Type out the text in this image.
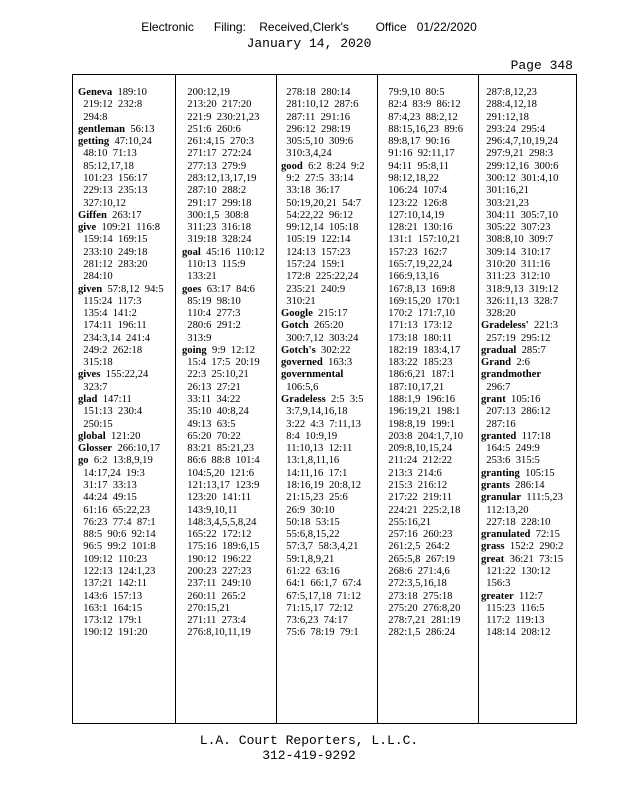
Electronic      Filing:    Received,Clerk's        Office   01/22/2020
January 14, 2020
Page 348
Geneva 189:10
219:12  232:8
294:8
gentleman 56:13
getting 47:10,24
48:10  71:13
85:12,17,18
101:23  156:17
229:13  235:13
327:10,12
Giffen 263:17
give 109:21  116:8
159:14  169:15
233:10  249:18
281:12  283:20
284:10
given 57:8,12  94:5
115:24  117:3
135:4  141:2
174:11  196:11
234:3,14  241:4
249:2  262:18
315:18
gives 155:22,24
323:7
glad 147:11
151:13  230:4
250:15
global 121:20
Glosser 266:10,17
go 6:2  13:8,9,19
14:17,24  19:3
31:17  33:13
44:24  49:15
61:16  65:22,23
76:23  77:4  87:1
88:5  90:6  92:14
96:5  99:2  101:8
109:12  110:23
122:13  124:1,23
137:21  142:11
143:6  157:13
163:1  164:15
173:12  179:1
190:12  191:20
200:12,19
213:20  217:20
221:9  230:21,23
251:6  260:6
261:4,15  270:3
271:17  272:24
277:13  279:9
283:12,13,17,19
287:10  288:2
291:17  299:18
300:1,5  308:8
311:23  316:18
319:18  328:24
goal 45:16  110:12
110:13  115:9
133:21
goes 63:17  84:6
85:19  98:10
110:4  277:3
280:6  291:2
313:9
going 9:9  12:12
15:4  17:5  20:19
22:3  25:10,21
26:13  27:21
33:11  34:22
35:10  40:8,24
49:13  63:5
65:20  70:22
83:21  85:21,23
86:6  88:8  101:4
104:5,20  121:6
121:13,17  123:9
123:20  141:11
143:9,10,11
148:3,4,5,5,8,24
165:22  172:12
175:16  189:6,15
190:12  196:22
200:23  227:23
237:11  249:10
260:11  265:2
270:15,21
271:11  273:4
276:8,10,11,19
278:18  280:14
281:10,12  287:6
287:11  291:16
296:12  298:19
305:5,10  309:6
310:3,4,24
good 6:2  8:24  9:2
9:2  27:5  33:14
33:18  36:17
50:19,20,21  54:7
54:22,22  96:12
99:12,14  105:18
105:19  122:14
124:13  157:23
157:24  159:1
172:8  225:22,24
235:21  240:9
310:21
Google 215:17
Gotch 265:20
300:7,12  303:24
Gotch's 302:22
governed 163:3
governmental
106:5,6
Gradeless 2:5  3:5
3:7,9,14,16,18
3:22  4:3  7:11,13
8:4  10:9,19
11:10,13  12:11
13:1,8,11,16
14:11,16  17:1
18:16,19  20:8,12
21:15,23  25:6
26:9  30:10
50:18  53:15
55:6,8,15,22
57:3,7  58:3,4,21
59:1,8,9,21
61:22  63:16
64:1  66:1,7  67:4
67:5,17,18  71:12
71:15,17  72:12
73:6,23  74:17
75:6  78:19  79:1
79:9,10  80:5
82:4  83:9  86:12
87:4,23  88:2,12
88:15,16,23  89:6
89:8,17  90:16
91:16  92:11,17
94:11  95:8,11
98:12,18,22
106:24  107:4
123:22  126:8
127:10,14,19
128:21  130:16
131:1  157:10,21
157:23  162:7
165:7,19,22,24
166:9,13,16
167:8,13  169:8
169:15,20  170:1
170:2  171:7,10
171:13  173:12
173:18  180:11
182:19  183:4,17
183:22  185:23
186:6,21  187:1
187:10,17,21
188:1,9  196:16
196:19,21  198:1
198:8,19  199:1
203:8  204:1,7,10
209:8,10,15,24
211:24  212:22
213:3  214:6
215:3  216:12
217:22  219:11
224:21  225:2,18
255:16,21
257:16  260:23
261:2,5  264:2
265:5,8  267:19
268:6  271:4,6
272:3,5,16,18
273:18  275:18
275:20  276:8,20
278:7,21  281:19
282:1,5  286:24
287:8,12,23
288:4,12,18
291:12,18
293:24  295:4
296:4,7,10,19,24
297:9,21  298:3
299:12,16  300:6
300:12  301:4,10
301:16,21
303:21,23
304:11  305:7,10
305:22  307:23
308:8,10  309:7
309:14  310:17
310:20  311:16
311:23  312:10
318:9,13  319:12
326:11,13  328:7
328:20
Gradeless' 221:3
257:19  295:12
gradual 285:7
Grand 2:6
grandmother
296:7
grant 105:16
207:13  286:12
287:16
granted 117:18
164:5  249:9
253:6  315:5
granting 105:15
grants 286:14
granular 111:5,23
112:13,20
227:18  228:10
granulated 72:15
grass 152:2  290:2
great 36:21  73:15
121:22  130:12
156:3
greater 112:7
115:23  116:5
117:2  119:13
148:14  208:12
L.A. Court Reporters, L.L.C.
312-419-9292
